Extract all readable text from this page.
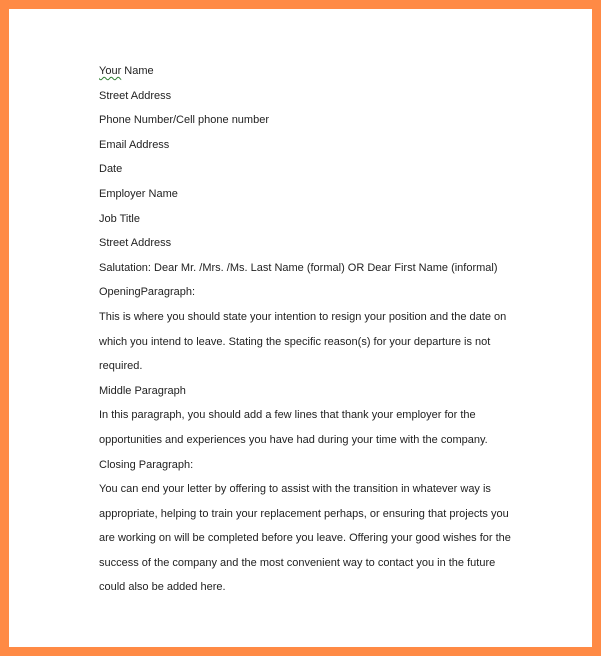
Your Name

Street Address

Phone Number/Cell phone number

Email Address

Date

Employer Name

Job Title

Street Address

Salutation: Dear Mr. /Mrs. /Ms. Last Name (formal) OR Dear First Name (informal)

OpeningParagraph:

This is where you should state your intention to resign your position and the date on

which you intend to leave. Stating the specific reason(s) for your departure is not

required.

Middle Paragraph

In this paragraph, you should add a few lines that thank your employer for the

opportunities and experiences you have had during your time with the company.

Closing Paragraph:

You can end your letter by offering to assist with the transition in whatever way is

appropriate, helping to train your replacement perhaps, or ensuring that projects you

are working on will be completed before you leave. Offering your good wishes for the

success of the company and the most convenient way to contact you in the future

could also be added here.
